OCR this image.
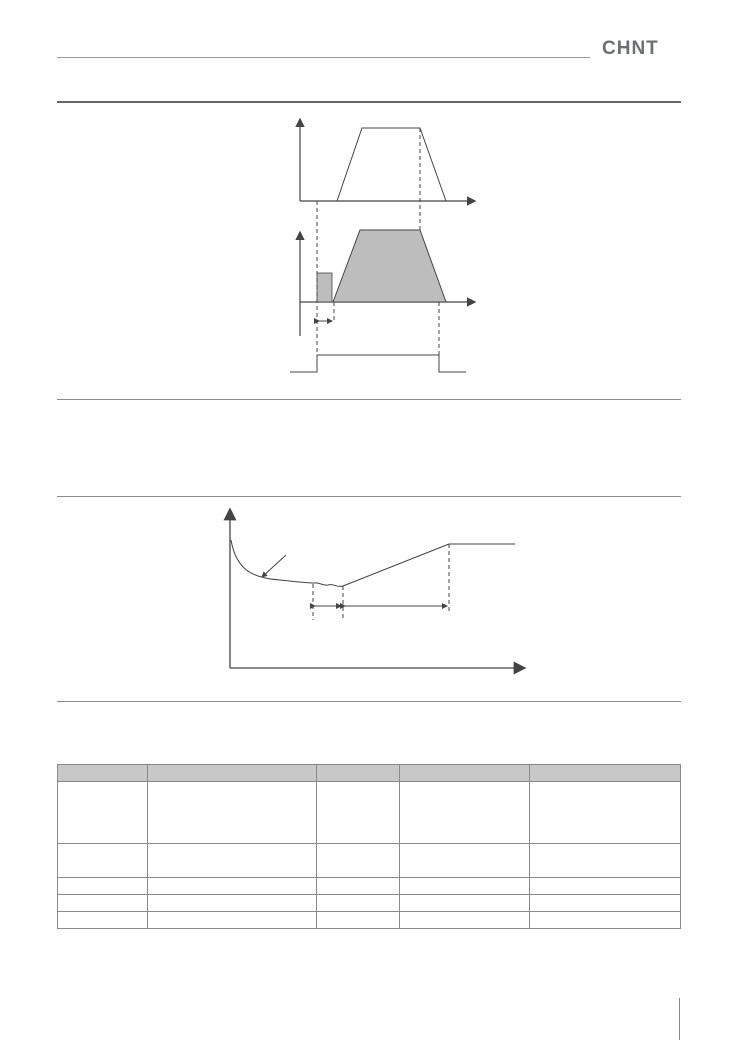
CHNT
